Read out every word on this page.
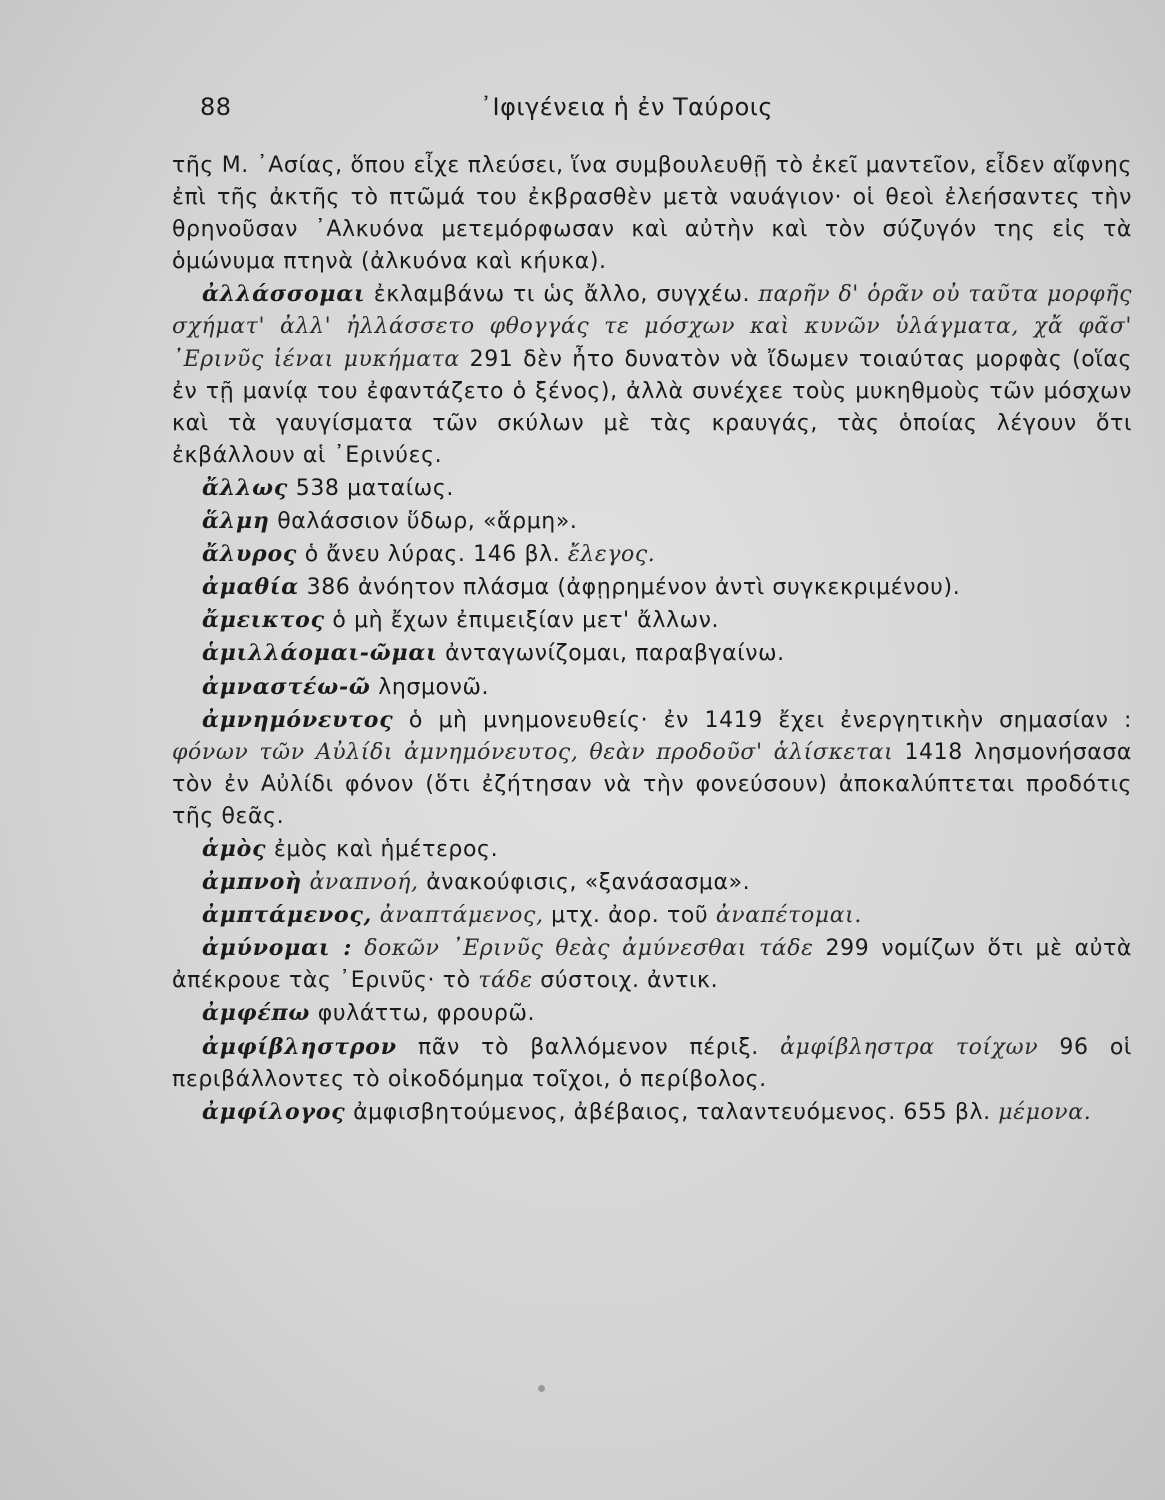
88	᾿Ιφιγένεια ἡ ἐν Ταύροις

τῆς Μ. ᾿Ασίας, ὅπου εἶχε πλεύσει, ἵνα συμβουλευθῇ τὸ ἐκεῖ μαντεῖον, εἶδεν αἴφνης ἐπὶ τῆς ἀκτῆς τὸ πτῶμά του ἐκβρασθὲν μετὰ ναυάγιον· οἱ θεοὶ ἐλεήσαντες τὴν θρηνοῦσαν ᾿Αλκυόνα μετεμόρφωσαν καὶ αὐτὴν καὶ τὸν σύζυγόν της εἰς τὰ ὁμώνυμα πτηνὰ (ἀλκυόνα καὶ κήυκα).

ἀλλάσσομαι ἐκλαμβάνω τι ὡς ἄλλο, συγχέω. παρῆν δ' ὁρᾶν οὐ ταῦτα μορφῆς σχήματ' ἀλλ' ἠλλάσσετο φθογγάς τε μόσχων καὶ κυνῶν ὑλάγματα, χἄ φᾶσ' ᾿Ερινῦς ἱέναι μυκήματα 291 δὲν ἦτο δυνατὸν νὰ ἴδωμεν τοιαύτας μορφὰς (οἵας ἐν τῇ μανίᾳ του ἐφαντάζετο ὁ ξένος), ἀλλὰ συνέχεε τοὺς μυκηθμοὺς τῶν μόσχων καὶ τὰ γαυγίσματα τῶν σκύλων μὲ τὰς κραυγάς, τὰς ὁποίας λέγουν ὅτι ἐκβάλλουν αἱ ᾿Ερινύες.

ἄλλως 538 ματαίως.

ἅλμη θαλάσσιον ὕδωρ, «ἅρμη».

ἄλυρος ὁ ἄνευ λύρας. 146 βλ. ἔλεγος.

ἀμαθία 386 ἀνόητον πλάσμα (ἀφῃρημένον ἀντὶ συγκεκριμένου).

ἄμεικτος ὁ μὴ ἔχων ἐπιμειξίαν μετ' ἄλλων.

ἁμιλλάομαι-ῶμαι ἀνταγωνίζομαι, παραβγαίνω.

ἀμναστέω-ῶ λησμονῶ.

ἀμνημόνευτος ὁ μὴ μνημονευθείς· ἐν 1419 ἔχει ἐνεργητικὴν σημασίαν : φόνων τῶν Αὐλίδι ἀμνημόνευτος, θεὰν προδοῦσ' ἁλίσκεται 1418 λησμονήσασα τὸν ἐν Αὐλίδι φόνον (ὅτι ἐζήτησαν νὰ τὴν φονεύσουν) ἀποκαλύπτεται προδότις τῆς θεᾶς.

ἁμὸς ἐμὸς καὶ ἡμέτερος.

ἀμπνοὴ ἀναπνοή, ἀνακούφισις, «ξανάσασμα».

ἀμπτάμενος, ἀναπτάμενος, μτχ. ἀορ. τοῦ ἀναπέτομαι.

ἀμύνομαι : δοκῶν ᾿Ερινῦς θεὰς ἀμύνεσθαι τάδε 299 νομίζων ὅτι μὲ αὐτὰ ἀπέκρουε τὰς ᾿Ερινῦς· τὸ τάδε σύστοιχ. ἀντικ.

ἀμφέπω φυλάττω, φρουρῶ.

ἀμφίβληστρον πᾶν τὸ βαλλόμενον πέριξ. ἀμφίβληστρα τοίχων 96 οἱ περιβάλλοντες τὸ οἰκοδόμημα τοῖχοι, ὁ περίβολος.

ἀμφίλογος ἀμφισβητούμενος, ἀβέβαιος, ταλαντευόμενος. 655 βλ. μέμονα.
